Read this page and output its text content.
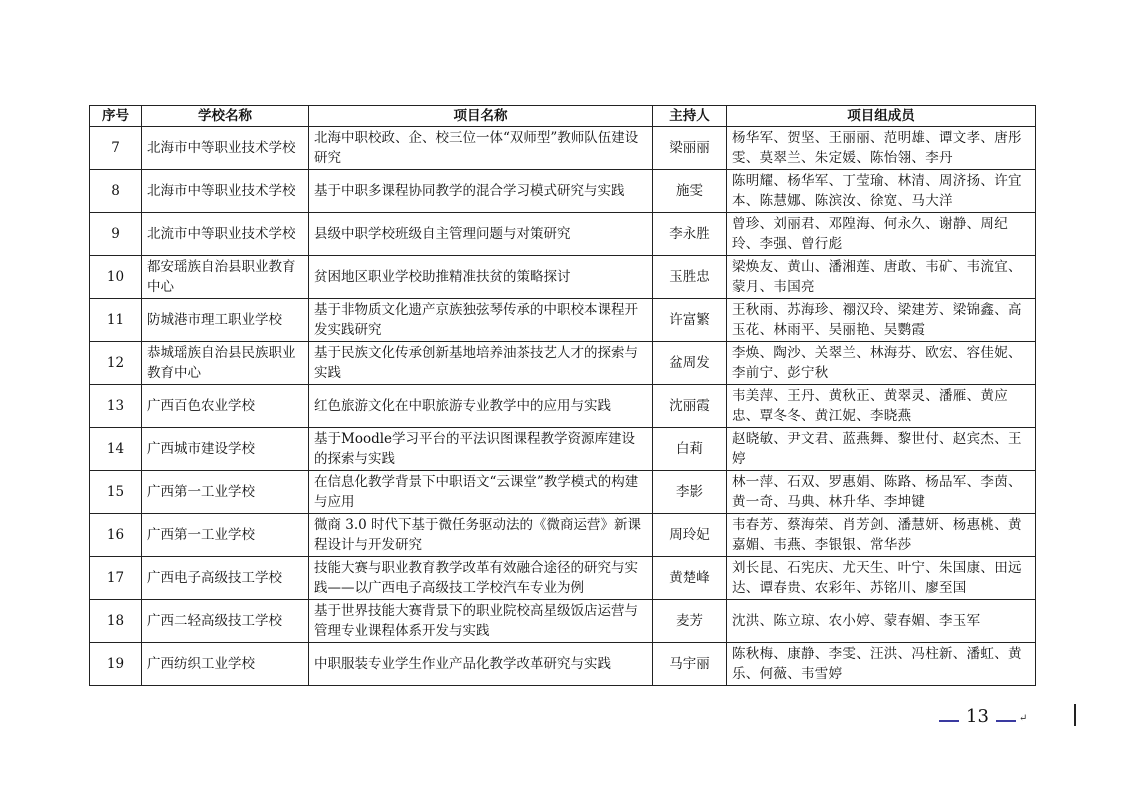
序号	学校名称	项目名称	主持人	项目组成员
7	北海市中等职业技术学校	北海中职校政、企、校三位一体“双师型”教师队伍建设研究	梁丽丽	杨华军、贺坚、王丽丽、范明雄、谭文孝、唐彤雯、莫翠兰、朱定媛、陈怡翎、李丹
8	北海市中等职业技术学校	基于中职多课程协同教学的混合学习模式研究与实践	施雯	陈明耀、杨华军、丁莹瑜、林清、周济扬、许宜本、陈慧娜、陈滨汝、徐宽、马大洋
9	北流市中等职业技术学校	县级中职学校班级自主管理问题与对策研究	李永胜	曾珍、刘丽君、邓隍海、何永久、谢静、周纪玲、李强、曾行彪
10	都安瑶族自治县职业教育中心	贫困地区职业学校助推精准扶贫的策略探讨	玉胜忠	梁焕友、黄山、潘湘莲、唐敢、韦矿、韦流宜、蒙月、韦国亮
11	防城港市理工职业学校	基于非物质文化遗产京族独弦琴传承的中职校本课程开发实践研究	许富繁	王秋雨、苏海珍、禤汉玲、梁建芳、梁锦鑫、高玉花、林雨平、吴丽艳、吴鹦霞
12	恭城瑶族自治县民族职业教育中心	基于民族文化传承创新基地培养油茶技艺人才的探索与实践	盆周发	李焕、陶沙、关翠兰、林海芬、欧宏、容佳妮、李前宁、彭宁秋
13	广西百色农业学校	红色旅游文化在中职旅游专业教学中的应用与实践	沈丽霞	韦美萍、王丹、黄秋正、黄翠灵、潘雁、黄应忠、覃冬冬、黄江妮、李晓燕
14	广西城市建设学校	基于Moodle学习平台的平法识图课程教学资源库建设的探索与实践	白莉	赵晓敏、尹文君、蓝燕舞、黎世付、赵宾杰、王婷
15	广西第一工业学校	在信息化教学背景下中职语文“云课堂”教学模式的构建与应用	李影	林一萍、石双、罗惠娟、陈路、杨品军、李茵、黄一奇、马典、林升华、李坤键
16	广西第一工业学校	微商 3.0 时代下基于微任务驱动法的《微商运营》新课程设计与开发研究	周玲妃	韦春芳、蔡海荣、肖芳剑、潘慧妍、杨惠桃、黄嘉媚、韦燕、李银银、常华莎
17	广西电子高级技工学校	技能大赛与职业教育教学改革有效融合途径的研究与实践——以广西电子高级技工学校汽车专业为例	黄楚峰	刘长昆、石宪庆、尤天生、叶宁、朱国康、田远达、谭春贵、农彩年、苏铭川、廖至国
18	广西二轻高级技工学校	基于世界技能大赛背景下的职业院校高星级饭店运营与管理专业课程体系开发与实践	麦芳	沈洪、陈立琼、农小婷、蒙春媚、李玉军
19	广西纺织工业学校	中职服装专业学生作业产品化教学改革研究与实践	马宇丽	陈秋梅、康静、李雯、汪洪、冯柱新、潘虹、黄乐、何薇、韦雪婷
13	↵
